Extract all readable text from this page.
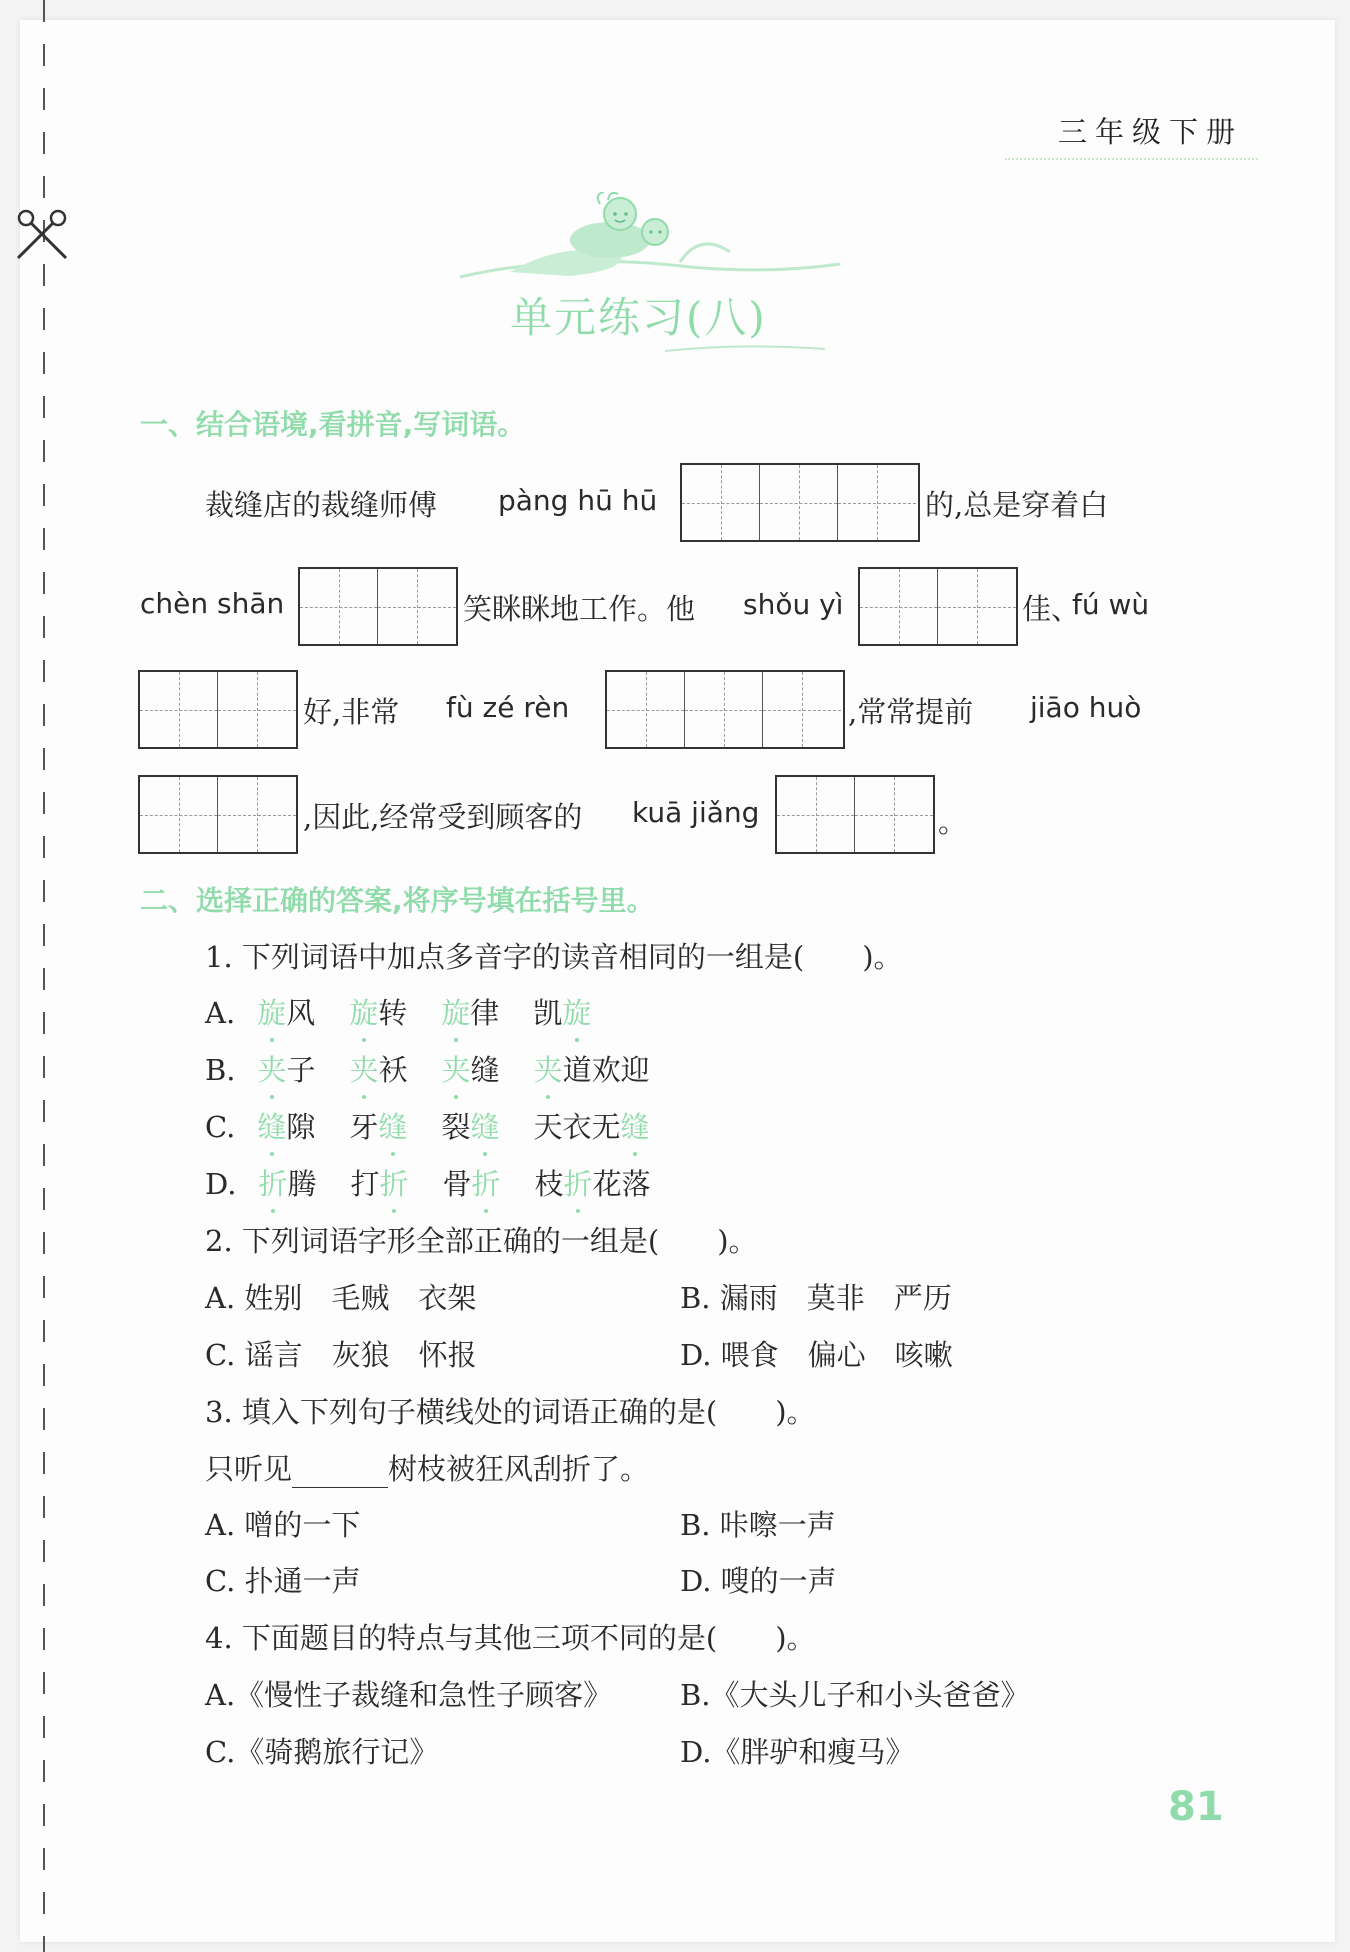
三年级下册
单元练习(八)
一、结合语境,看拼音,写词语。
裁缝店的裁缝师傅 pàng hū hū	的,总是穿着白
chèn shān	笑眯眯地工作。他 shǒu yì	佳、
fú wù
好,非常 fù zé rèn	,常常提前 jiāo huò
,因此,经常受到顾客的 kuā jiǎng	。
二、选择正确的答案,将序号填在括号里。
1. 下列词语中加点多音字的读音相同的一组是(　　)。
A. 旋风 旋转 旋律 凯旋
B. 夹子 夹袄 夹缝 夹道欢迎
C. 缝隙 牙缝 裂缝 天衣无缝
D. 折腾 打折 骨折 枝折花落
2. 下列词语字形全部正确的一组是(　　)。
A. 姓别　毛贼　衣架	B. 漏雨　莫非　严历
C. 谣言　灰狼　怀报	D. 喂食　偏心　咳嗽
3. 填入下列句子横线处的词语正确的是(　　)。
只听见	树枝被狂风刮折了。
A. 噌的一下	B. 咔嚓一声
C. 扑通一声	D. 嗖的一声
4. 下面题目的特点与其他三项不同的是(　　)。
A.《慢性子裁缝和急性子顾客》 B.《大头儿子和小头爸爸》
C.《骑鹅旅行记》	D.《胖驴和瘦马》
81
